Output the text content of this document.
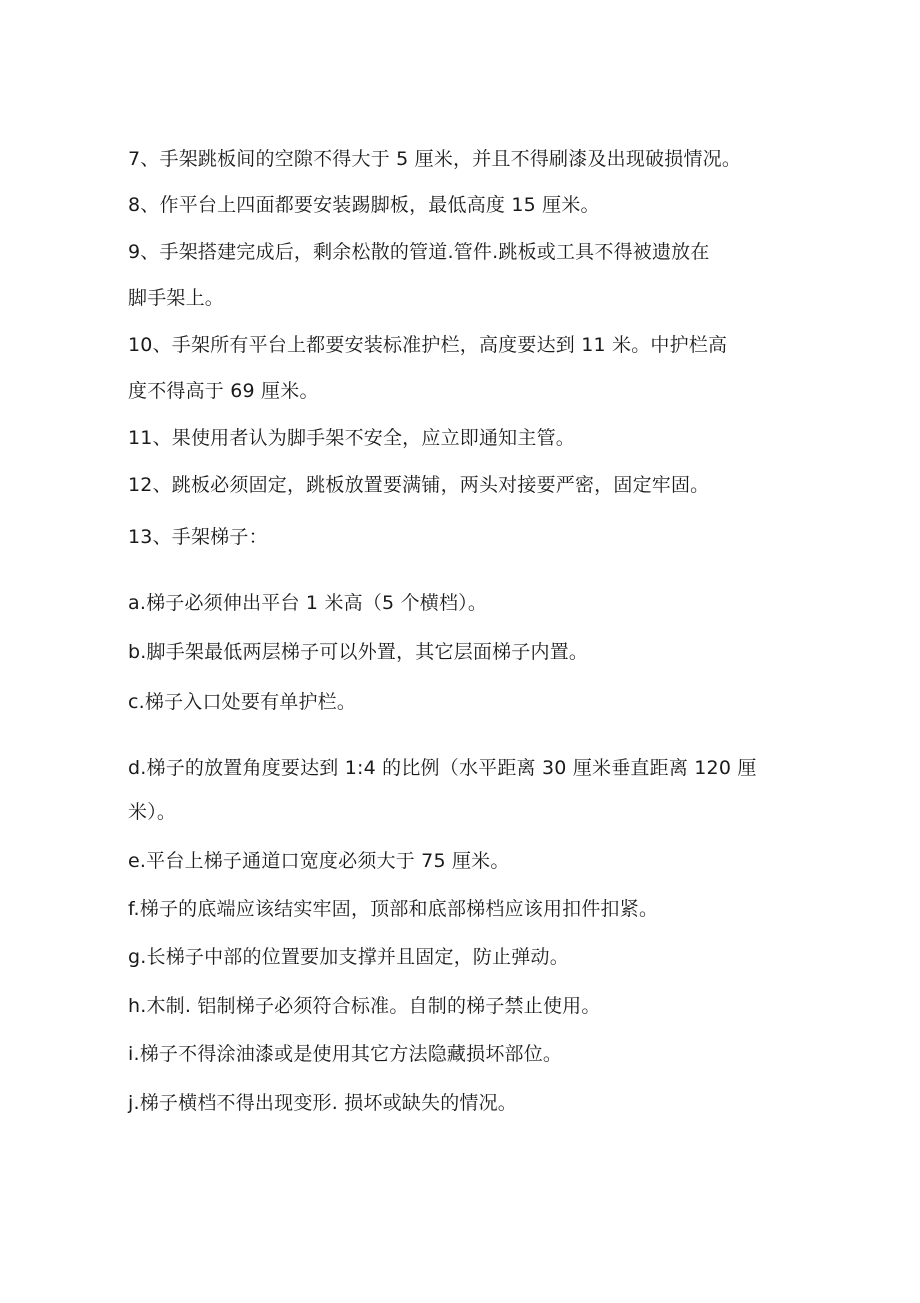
7、手架跳板间的空隙不得大于 5 厘米，并且不得刷漆及出现破损情况。
8、作平台上四面都要安装踢脚板，最低高度 15 厘米。
9、手架搭建完成后，剩余松散的管道.管件.跳板或工具不得被遗放在
脚手架上。
10、手架所有平台上都要安装标准护栏，高度要达到 11 米。中护栏高
度不得高于 69 厘米。
11、果使用者认为脚手架不安全，应立即通知主管。
12、跳板必须固定，跳板放置要满铺，两头对接要严密，固定牢固。
13、手架梯子：
a.梯子必须伸出平台 1 米高（5 个横档）。
b.脚手架最低两层梯子可以外置，其它层面梯子内置。
c.梯子入口处要有单护栏。
d.梯子的放置角度要达到 1:4 的比例（水平距离 30 厘米垂直距离 120 厘
米）。
e.平台上梯子通道口宽度必须大于 75 厘米。
f.梯子的底端应该结实牢固，顶部和底部梯档应该用扣件扣紧。
g.长梯子中部的位置要加支撑并且固定，防止弹动。
h.木制. 铝制梯子必须符合标准。自制的梯子禁止使用。
i.梯子不得涂油漆或是使用其它方法隐藏损坏部位。
j.梯子横档不得出现变形. 损坏或缺失的情况。
